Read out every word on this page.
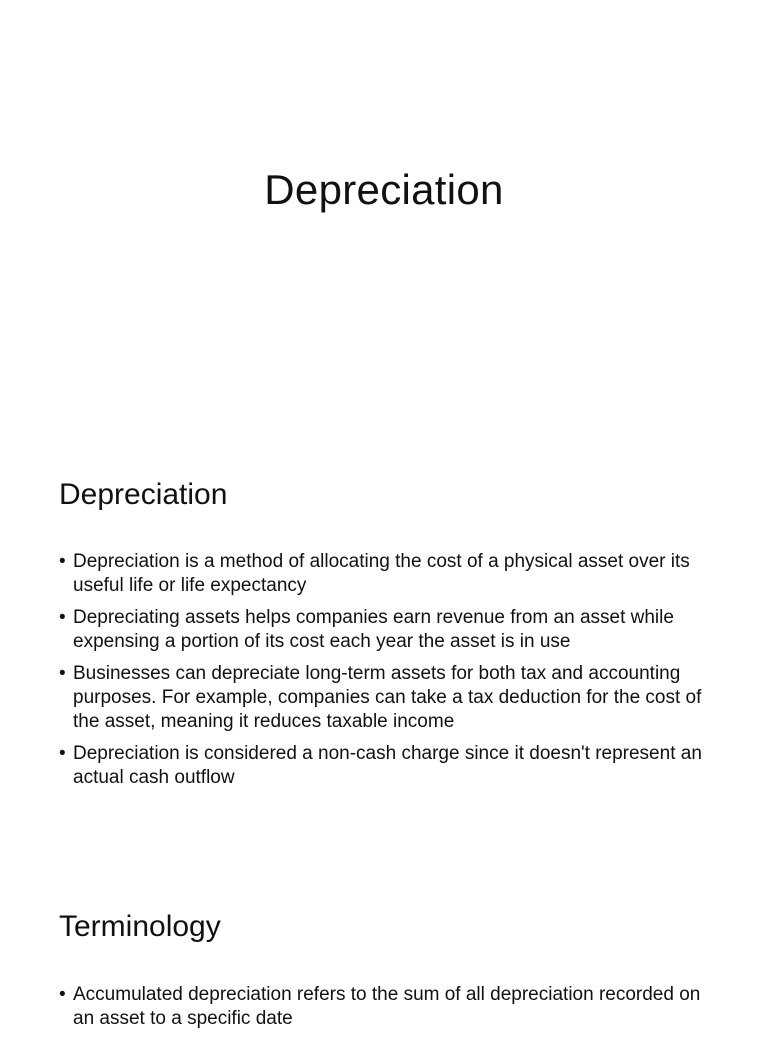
Depreciation
Depreciation
• Depreciation is a method of allocating the cost of a physical asset over its useful life or life expectancy
• Depreciating assets helps companies earn revenue from an asset while expensing a portion of its cost each year the asset is in use
• Businesses can depreciate long-term assets for both tax and accounting purposes. For example, companies can take a tax deduction for the cost of the asset, meaning it reduces taxable income
• Depreciation is considered a non-cash charge since it doesn't represent an actual cash outflow
Terminology
• Accumulated depreciation refers to the sum of all depreciation recorded on an asset to a specific date
